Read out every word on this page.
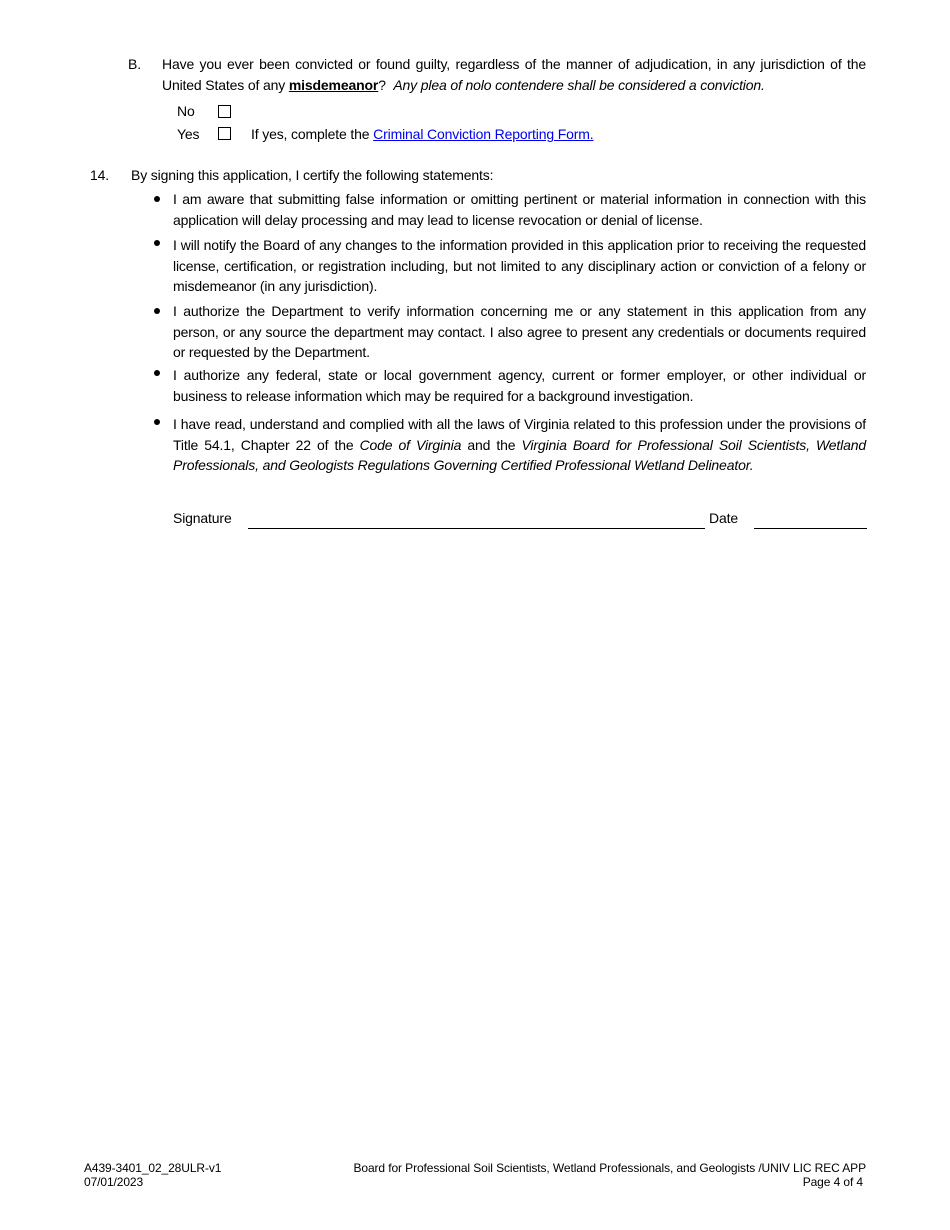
B. Have you ever been convicted or found guilty, regardless of the manner of adjudication, in any jurisdiction of the United States of any misdemeanor?  Any plea of nolo contendere shall be considered a conviction.
No
Yes	If yes, complete the Criminal Conviction Reporting Form.
14. By signing this application, I certify the following statements:
I am aware that submitting false information or omitting pertinent or material information in connection with this application will delay processing and may lead to license revocation or denial of license.
I will notify the Board of any changes to the information provided in this application prior to receiving the requested license, certification, or registration including, but not limited to any disciplinary action or conviction of a felony or misdemeanor (in any jurisdiction).
I authorize the Department to verify information concerning me or any statement in this application from any person, or any source the department may contact. I also agree to present any credentials or documents required or requested by the Department.
I authorize any federal, state or local government agency, current or former employer, or other individual or business to release information which may be required for a background investigation.
I have read, understand and complied with all the laws of Virginia related to this profession under the provisions of Title 54.1, Chapter 22 of the Code of Virginia and the Virginia Board for Professional Soil Scientists, Wetland Professionals, and Geologists Regulations Governing Certified Professional Wetland Delineator.
Signature	Date
A439-3401_02_28ULR-v1
07/01/2023
Board for Professional Soil Scientists, Wetland Professionals, and Geologists /UNIV LIC REC APP
Page 4 of 4
